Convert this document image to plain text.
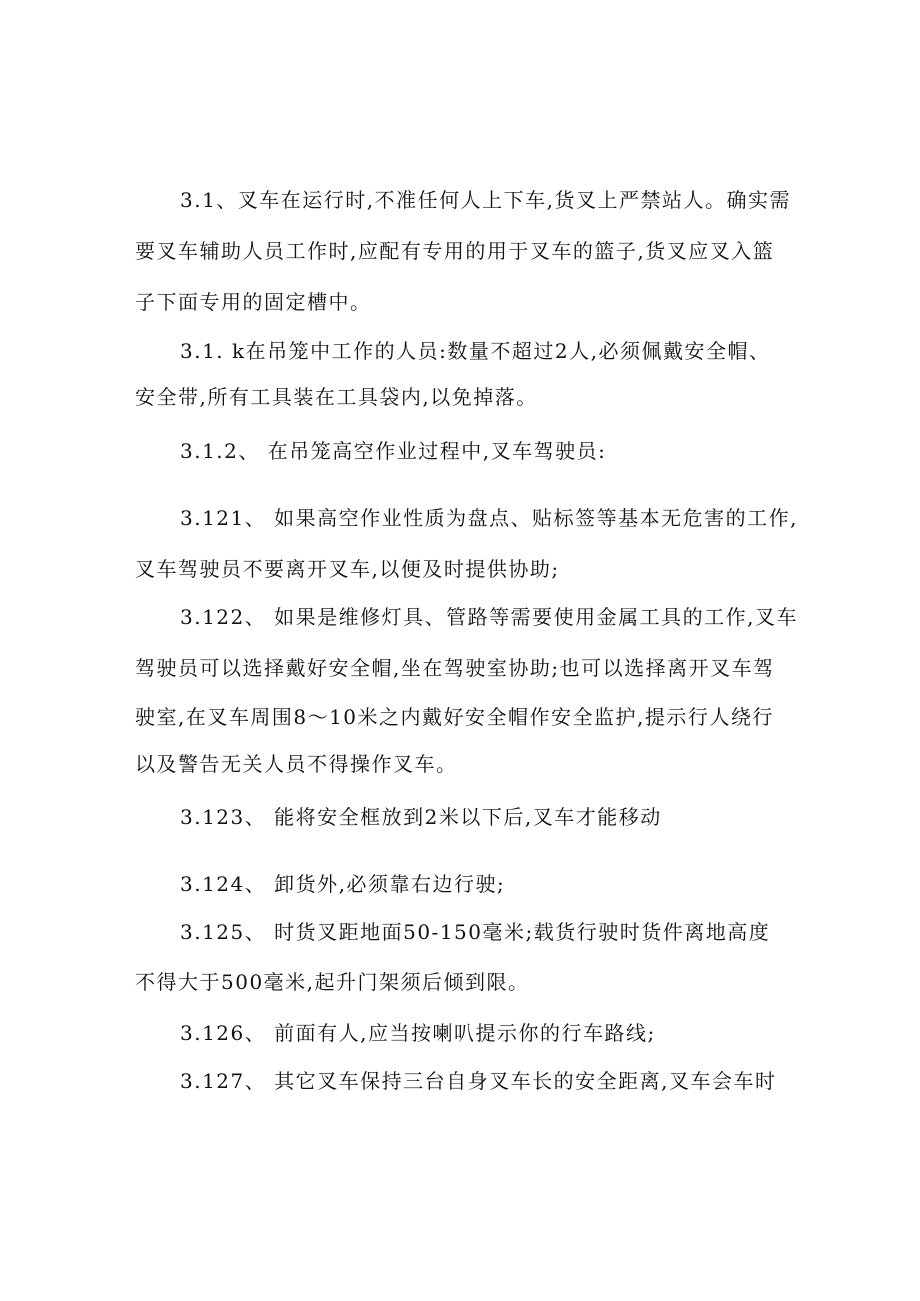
3.1、叉车在运行时,不准任何人上下车,货叉上严禁站人。确实需
要叉车辅助人员工作时,应配有专用的用于叉车的篮子,货叉应叉入篮
子下面专用的固定槽中。
3.1. k在吊笼中工作的人员:数量不超过2人,必须佩戴安全帽、
安全带,所有工具装在工具袋内,以免掉落。
3.1.2、 在吊笼高空作业过程中,叉车驾驶员:
3.121、 如果高空作业性质为盘点、贴标签等基本无危害的工作,
叉车驾驶员不要离开叉车,以便及时提供协助;
3.122、 如果是维修灯具、管路等需要使用金属工具的工作,叉车
驾驶员可以选择戴好安全帽,坐在驾驶室协助;也可以选择离开叉车驾
驶室,在叉车周围8～10米之内戴好安全帽作安全监护,提示行人绕行
以及警告无关人员不得操作叉车。
3.123、 能将安全框放到2米以下后,叉车才能移动
3.124、 卸货外,必须靠右边行驶;
3.125、 时货叉距地面50-150毫米;载货行驶时货件离地高度
不得大于500毫米,起升门架须后倾到限。
3.126、 前面有人,应当按喇叭提示你的行车路线;
3.127、 其它叉车保持三台自身叉车长的安全距离,叉车会车时
